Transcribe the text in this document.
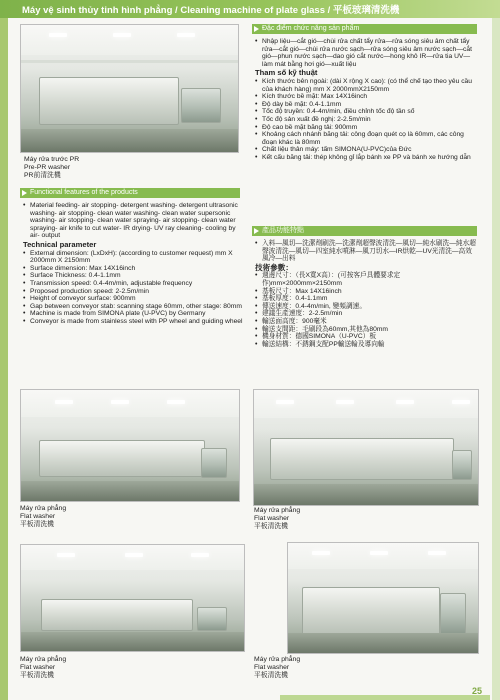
Máy vệ sinh thủy tinh hình phẳng / Cleaning machine of plate glass / 平板玻璃清洗機
Máy rửa trước PR
Pre-PR washer
PR前清洗機
Functional features of the products
• Material feeding- air stopping- detergent washing- detergent ultrasonic washing- air stopping- clean water washing- clean water supersonic washing- air stopping- clean water spraying- air stopping- clean water spraying- air knife to cut water- IR drying- UV ray cleaning- cooling by air- output
Technical parameter
• External dimension: (LxDxH): (according to customer request) mm X 2000mm X 2150mm
• Surface dimension: Max 14X16inch
• Surface Thickness: 0.4-1.1mm
• Transmission speed: 0.4-4m/min, adjustable frequency
• Proposed production speed: 2-2.5m/min
• Height of conveyor surface: 900mm
• Gap between conveyor stab: scanning stage 60mm, other stage: 80mm
• Machine is made from SIMONA plate (U-PVC) by Germany
• Conveyor is made from stainless steel with PP wheel and guiding wheel
Đặc điểm chức năng sản phẩm
• Nhập liệu—cắt gió—chùi rửa chất tẩy rửa—rửa sóng siêu âm chất tẩy rửa—cắt gió—chùi rửa nước sạch—rửa sóng siêu âm nước sạch—cắt gió—phun nước sạch—dao gió cắt nước—hong khô IR—rửa tia UV—làm mát bằng hơi gió—xuất liệu
Tham số kỹ thuật
• Kích thước bên ngoài: (dài X rộng X cao): (có thể chế tạo theo yêu cầu của khách hàng) mm X 2000mmX2150mm
• Kích thước bề mặt: Max 14X16inch
• Độ dày bề mặt: 0.4-1.1mm
• Tốc độ truyền: 0.4-4m/min, điều chỉnh tốc độ tần số
• Tốc độ sản xuất đề nghị: 2-2.5m/min
• Độ cao bề mặt băng tải: 900mm
• Khoảng cách nhánh băng tải: công đoạn quét cọ là 60mm, các công đoạn khác là 80mm
• Chất liệu thân máy: tấm SIMONA(U-PVC)của Đức
• Kết cấu băng tải: thép không gỉ lắp bánh xe PP và bánh xe hướng dẫn
產品功能特點
• 入料—風切—洗潔劑刷洗—洗潔劑超聲波清洗—風切—純水刷洗—純水超聲波清洗—風切—四室純水噴淋—風刀切水—IR烘乾—UV光清洗—高效風冷—出料
技術參數：
• 週邊尺寸：（長X寬X高）：(可按客戶具體要求定作)mm×2000mm×2150mm
• 基板尺寸：Max 14X16inch
• 基板厚度：0.4-1.1mm
• 傳送速度：0.4-4m/min, 變頻調速。
• 建議生產速度：2-2.5m/min
• 輸送面高度：900毫米
• 輸送支間距：毛刷段為60mm,其他為80mm
• 機身材質：德國SIMONA（U-PVC）板
• 輸送結構：不銹鋼支配PP輸送輪及導向輪
Máy rửa phẳng
Flat washer
平板清洗機
Máy rửa phẳng
Flat washer
平板清洗機
Máy rửa phẳng
Flat washer
平板清洗機
Máy rửa phẳng
Flat washer
平板清洗機
25
